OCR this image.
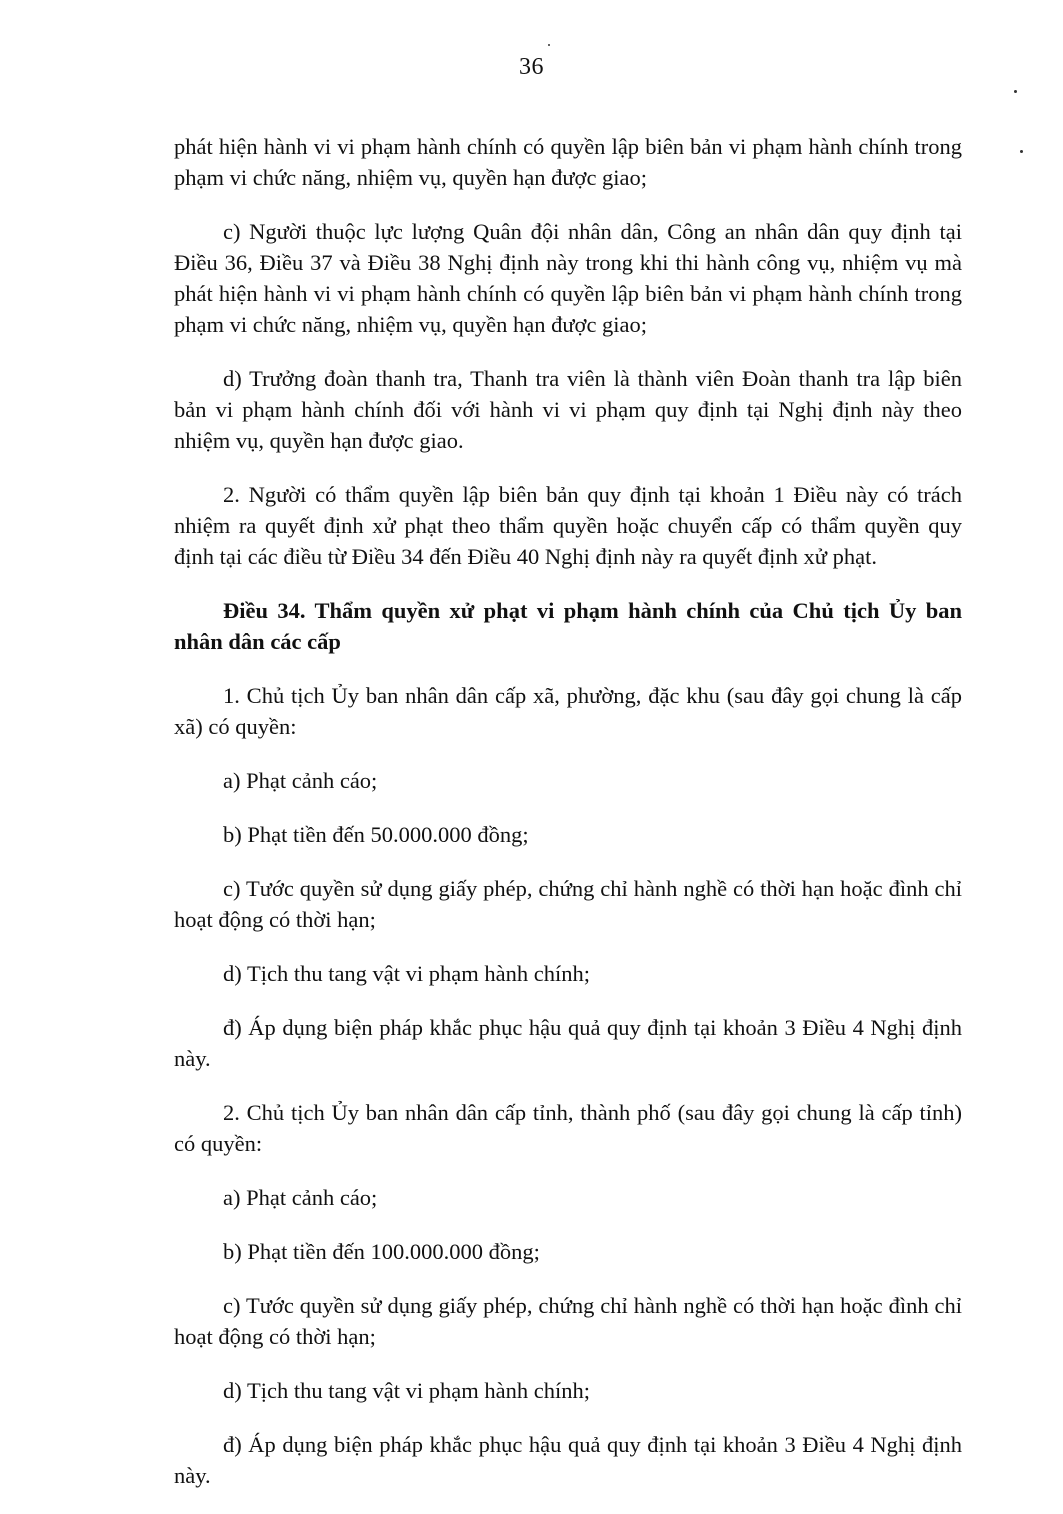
36

phát hiện hành vi vi phạm hành chính có quyền lập biên bản vi phạm hành chính trong phạm vi chức năng, nhiệm vụ, quyền hạn được giao;

c) Người thuộc lực lượng Quân đội nhân dân, Công an nhân dân quy định tại Điều 36, Điều 37 và Điều 38 Nghị định này trong khi thi hành công vụ, nhiệm vụ mà phát hiện hành vi vi phạm hành chính có quyền lập biên bản vi phạm hành chính trong phạm vi chức năng, nhiệm vụ, quyền hạn được giao;

d) Trưởng đoàn thanh tra, Thanh tra viên là thành viên Đoàn thanh tra lập biên bản vi phạm hành chính đối với hành vi vi phạm quy định tại Nghị định này theo nhiệm vụ, quyền hạn được giao.

2. Người có thẩm quyền lập biên bản quy định tại khoản 1 Điều này có trách nhiệm ra quyết định xử phạt theo thẩm quyền hoặc chuyển cấp có thẩm quyền quy định tại các điều từ Điều 34 đến Điều 40 Nghị định này ra quyết định xử phạt.

Điều 34. Thẩm quyền xử phạt vi phạm hành chính của Chủ tịch Ủy ban nhân dân các cấp

1. Chủ tịch Ủy ban nhân dân cấp xã, phường, đặc khu (sau đây gọi chung là cấp xã) có quyền:

a) Phạt cảnh cáo;

b) Phạt tiền đến 50.000.000 đồng;

c) Tước quyền sử dụng giấy phép, chứng chỉ hành nghề có thời hạn hoặc đình chỉ hoạt động có thời hạn;

d) Tịch thu tang vật vi phạm hành chính;

đ) Áp dụng biện pháp khắc phục hậu quả quy định tại khoản 3 Điều 4 Nghị định này.

2. Chủ tịch Ủy ban nhân dân cấp tỉnh, thành phố (sau đây gọi chung là cấp tỉnh) có quyền:

a) Phạt cảnh cáo;

b) Phạt tiền đến 100.000.000 đồng;

c) Tước quyền sử dụng giấy phép, chứng chỉ hành nghề có thời hạn hoặc đình chỉ hoạt động có thời hạn;

d) Tịch thu tang vật vi phạm hành chính;

đ) Áp dụng biện pháp khắc phục hậu quả quy định tại khoản 3 Điều 4 Nghị định này.
